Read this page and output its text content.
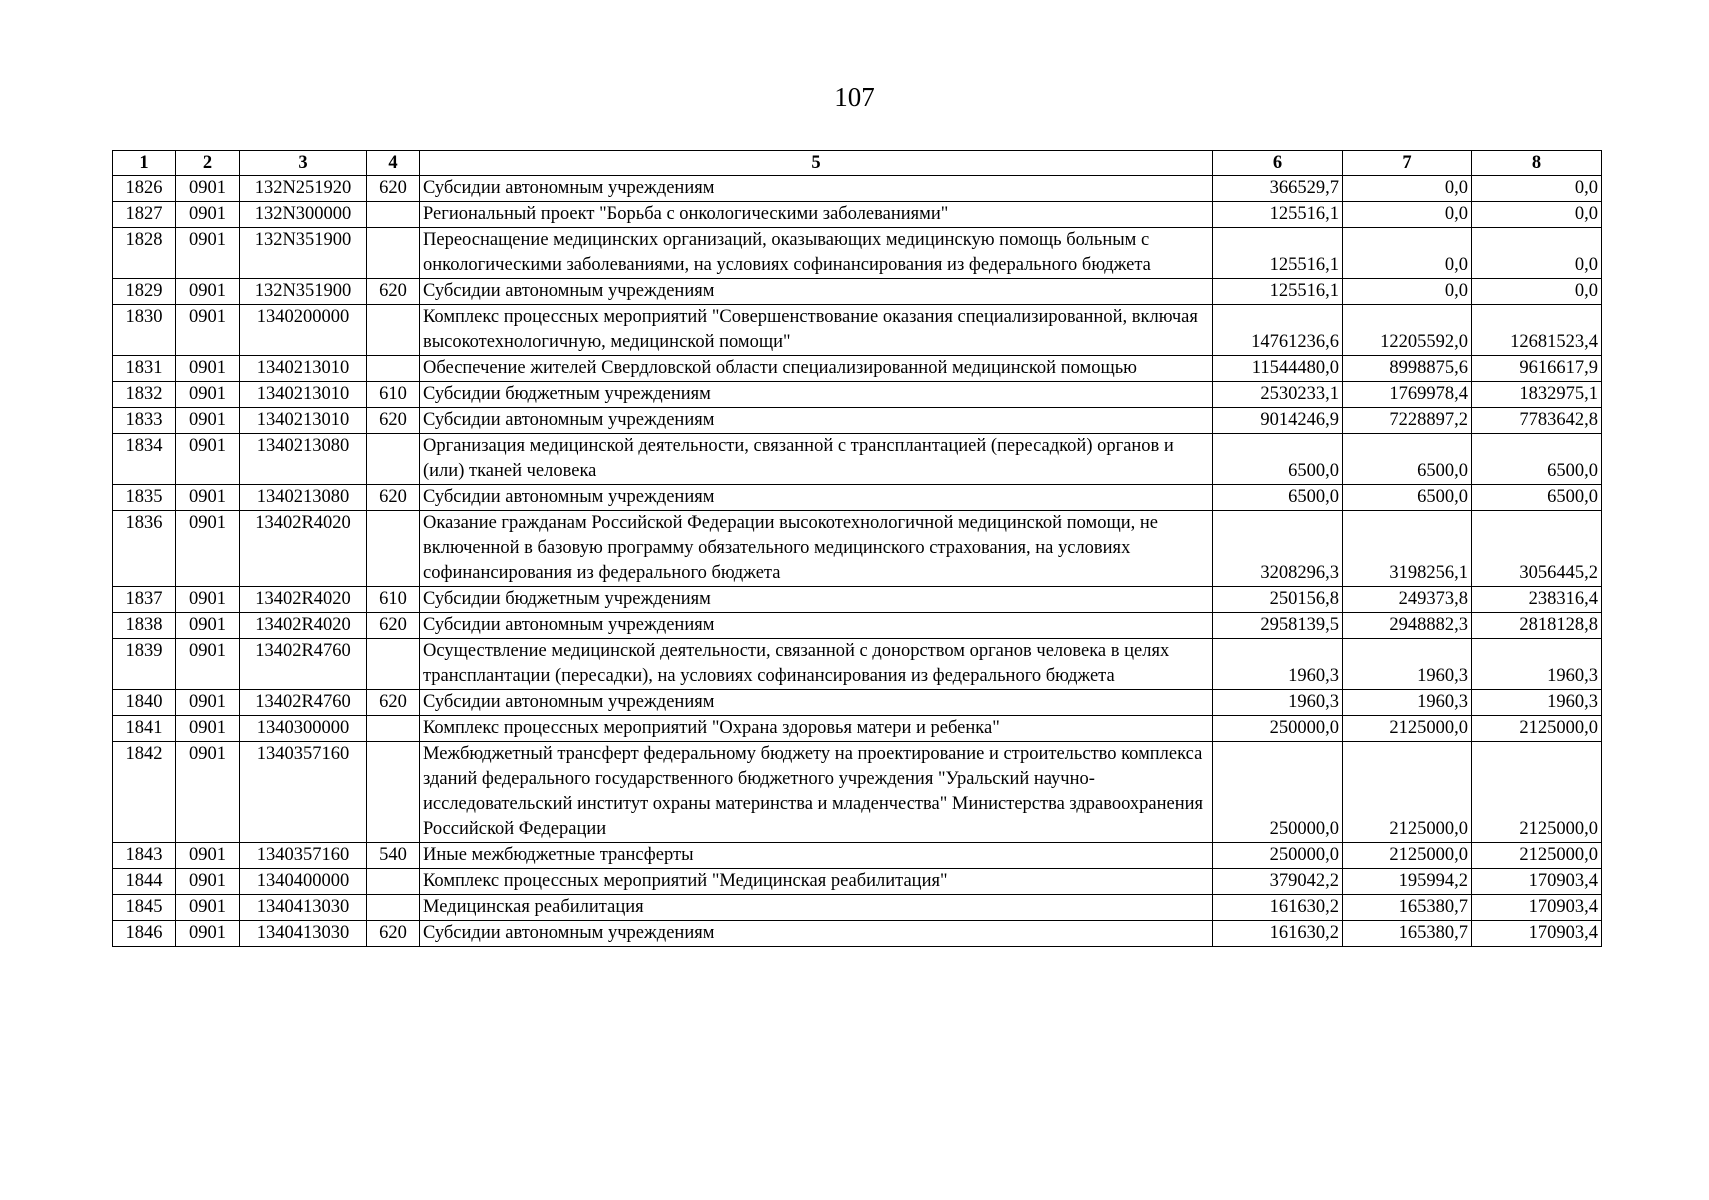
107
1	2	3	4	5	6	7	8
1826	0901	132N251920	620	Субсидии автономным учреждениям	366529,7	0,0	0,0
1827	0901	132N300000		Региональный проект "Борьба с онкологическими заболеваниями"	125516,1	0,0	0,0
1828	0901	132N351900		Переоснащение медицинских организаций, оказывающих медицинскую помощь больным с онкологическими заболеваниями, на условиях софинансирования из федерального бюджета	125516,1	0,0	0,0
1829	0901	132N351900	620	Субсидии автономным учреждениям	125516,1	0,0	0,0
1830	0901	1340200000		Комплекс процессных мероприятий "Совершенствование оказания специализированной, включая высокотехнологичную, медицинской помощи"	14761236,6	12205592,0	12681523,4
1831	0901	1340213010		Обеспечение жителей Свердловской области специализированной медицинской помощью	11544480,0	8998875,6	9616617,9
1832	0901	1340213010	610	Субсидии бюджетным учреждениям	2530233,1	1769978,4	1832975,1
1833	0901	1340213010	620	Субсидии автономным учреждениям	9014246,9	7228897,2	7783642,8
1834	0901	1340213080		Организация медицинской деятельности, связанной с трансплантацией (пересадкой) органов и (или) тканей человека	6500,0	6500,0	6500,0
1835	0901	1340213080	620	Субсидии автономным учреждениям	6500,0	6500,0	6500,0
1836	0901	13402R4020		Оказание гражданам Российской Федерации высокотехнологичной медицинской помощи, не включенной в базовую программу обязательного медицинского страхования, на условиях софинансирования из федерального бюджета	3208296,3	3198256,1	3056445,2
1837	0901	13402R4020	610	Субсидии бюджетным учреждениям	250156,8	249373,8	238316,4
1838	0901	13402R4020	620	Субсидии автономным учреждениям	2958139,5	2948882,3	2818128,8
1839	0901	13402R4760		Осуществление медицинской деятельности, связанной с донорством органов человека в целях трансплантации (пересадки), на условиях софинансирования из федерального бюджета	1960,3	1960,3	1960,3
1840	0901	13402R4760	620	Субсидии автономным учреждениям	1960,3	1960,3	1960,3
1841	0901	1340300000		Комплекс процессных мероприятий "Охрана здоровья матери и ребенка"	250000,0	2125000,0	2125000,0
1842	0901	1340357160		Межбюджетный трансферт федеральному бюджету на проектирование и строительство комплекса зданий федерального государственного бюджетного учреждения "Уральский научно-исследовательский институт охраны материнства и младенчества" Министерства здравоохранения Российской Федерации	250000,0	2125000,0	2125000,0
1843	0901	1340357160	540	Иные межбюджетные трансферты	250000,0	2125000,0	2125000,0
1844	0901	1340400000		Комплекс процессных мероприятий "Медицинская реабилитация"	379042,2	195994,2	170903,4
1845	0901	1340413030		Медицинская реабилитация	161630,2	165380,7	170903,4
1846	0901	1340413030	620	Субсидии автономным учреждениям	161630,2	165380,7	170903,4
